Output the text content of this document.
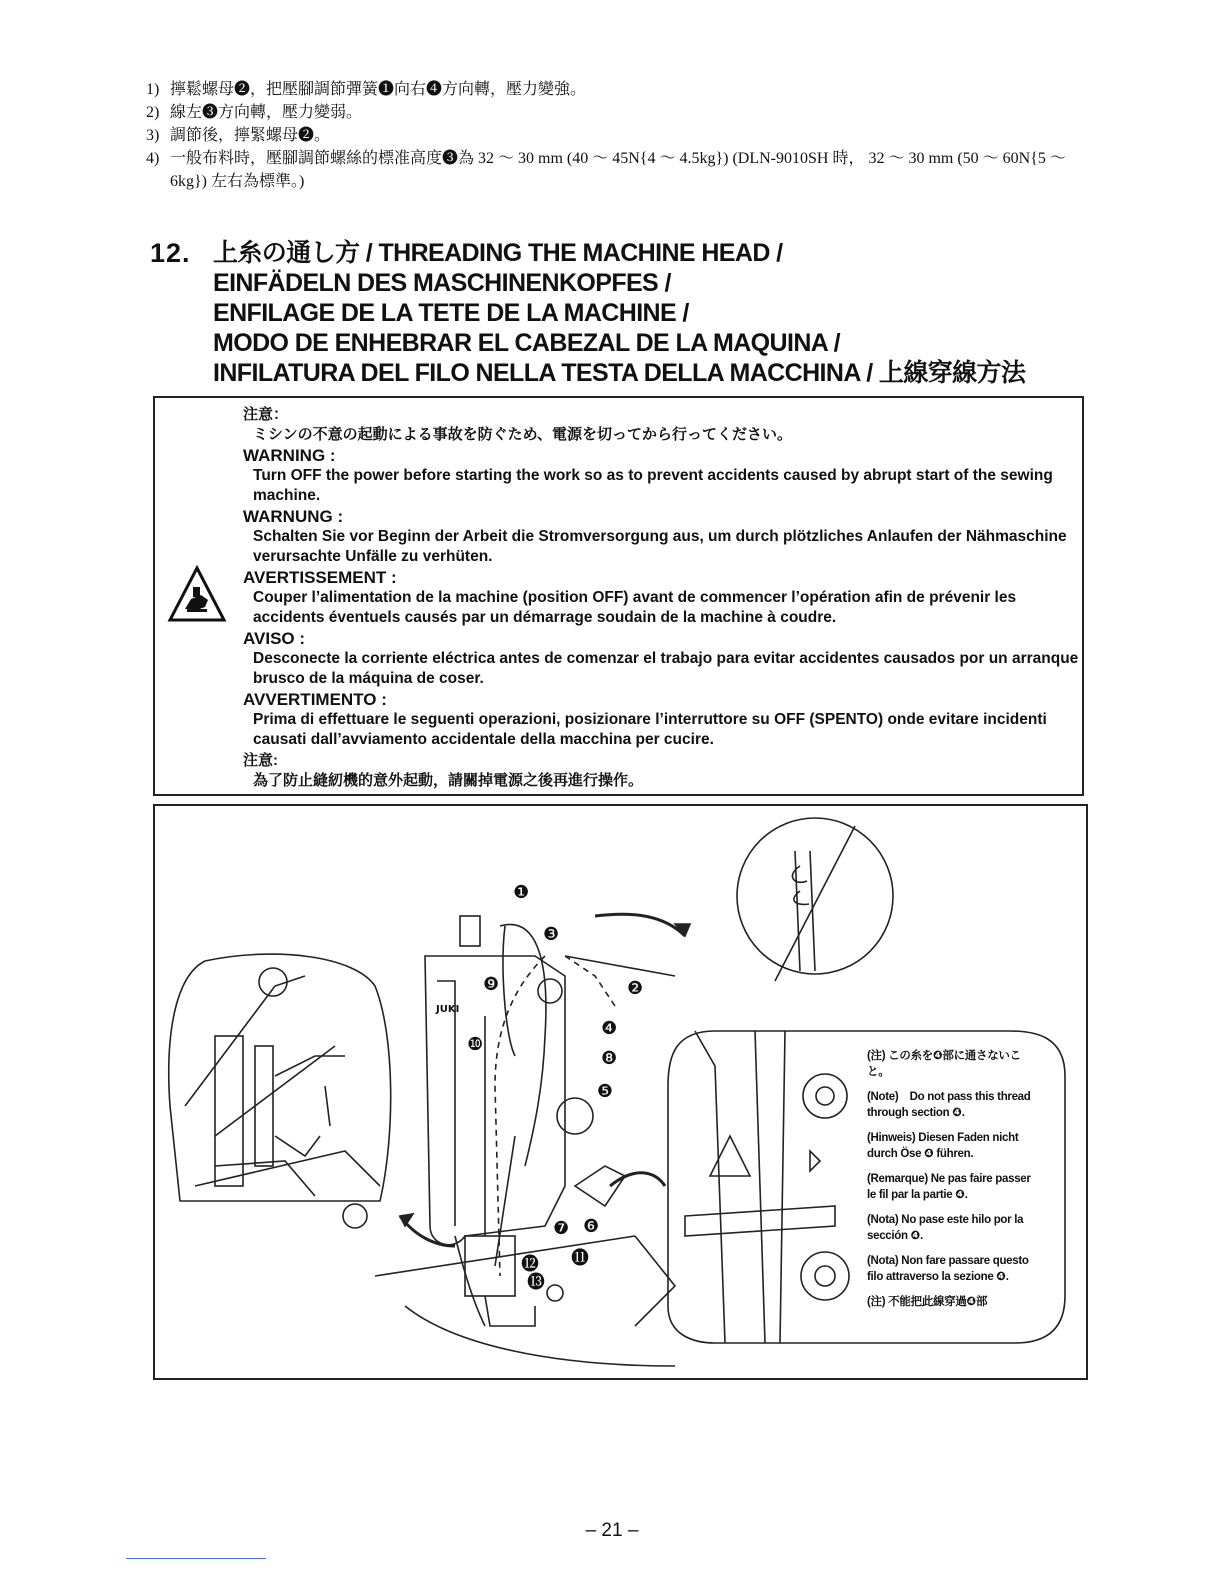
1) 擰鬆螺母❷，把壓腳調節彈簧❶向右❹方向轉，壓力變強。
2) 線左❸方向轉，壓力變弱。
3) 調節後，擰緊螺母❷。
4) 一般布料時，壓腳調節螺絲的標准高度❸為 32 ～ 30 mm (40 ～ 45N{4 ～ 4.5kg}) (DLN-9010SH 時， 32 ～ 30 mm (50 ～ 60N{5 ～ 6kg}) 左右為標準。)
12. 上糸の通し方 / THREADING THE MACHINE HEAD /
EINFÄDELN DES MASCHINENKOPFES /
ENFILAGE DE LA TETE DE LA MACHINE /
MODO DE ENHEBRAR EL CABEZAL DE LA MAQUINA /
INFILATURA DEL FILO NELLA TESTA DELLA MACCHINA / 上線穿線方法
注意：
ミシンの不意の起動による事故を防ぐため、電源を切ってから行ってください。
WARNING :
Turn OFF the power before starting the work so as to prevent accidents caused by abrupt start of the sewing machine.
WARNUNG :
Schalten Sie vor Beginn der Arbeit die Stromversorgung aus, um durch plötzliches Anlaufen der Nähmaschine verursachte Unfälle zu verhüten.
AVERTISSEMENT :
Couper l’alimentation de la machine (position OFF) avant de commencer l’opération afin de prévenir les accidents éventuels causés par un démarrage soudain de la machine à coudre.
AVISO :
Desconecte la corriente eléctrica antes de comenzar el trabajo para evitar accidentes causados por un arranque brusco de la máquina de coser.
AVVERTIMENTO :
Prima di effettuare le seguenti operazioni, posizionare l’interruttore su OFF (SPENTO) onde evitare incidenti causati dall’avviamento accidentale della macchina per cucire.
注意:
為了防止縫紉機的意外起動，請關掉電源之後再進行操作。
❶
❷
❸
❹
❺
❻
❼
❽
❾
❿
⓫
⓬
⓭
JUKI

(注) この糸を❹部に通さないこと。

(Note)　Do not pass this thread through section ❹.

(Hinweis) Diesen Faden nicht durch Öse ❹ führen.

(Remarque) Ne pas faire passer le fil par la partie ❹.

(Nota) No pase este hilo por la sección ❹.

(Nota) Non fare passare questo filo attraverso la sezione ❹.

(注) 不能把此線穿過❹部

– 21 –
